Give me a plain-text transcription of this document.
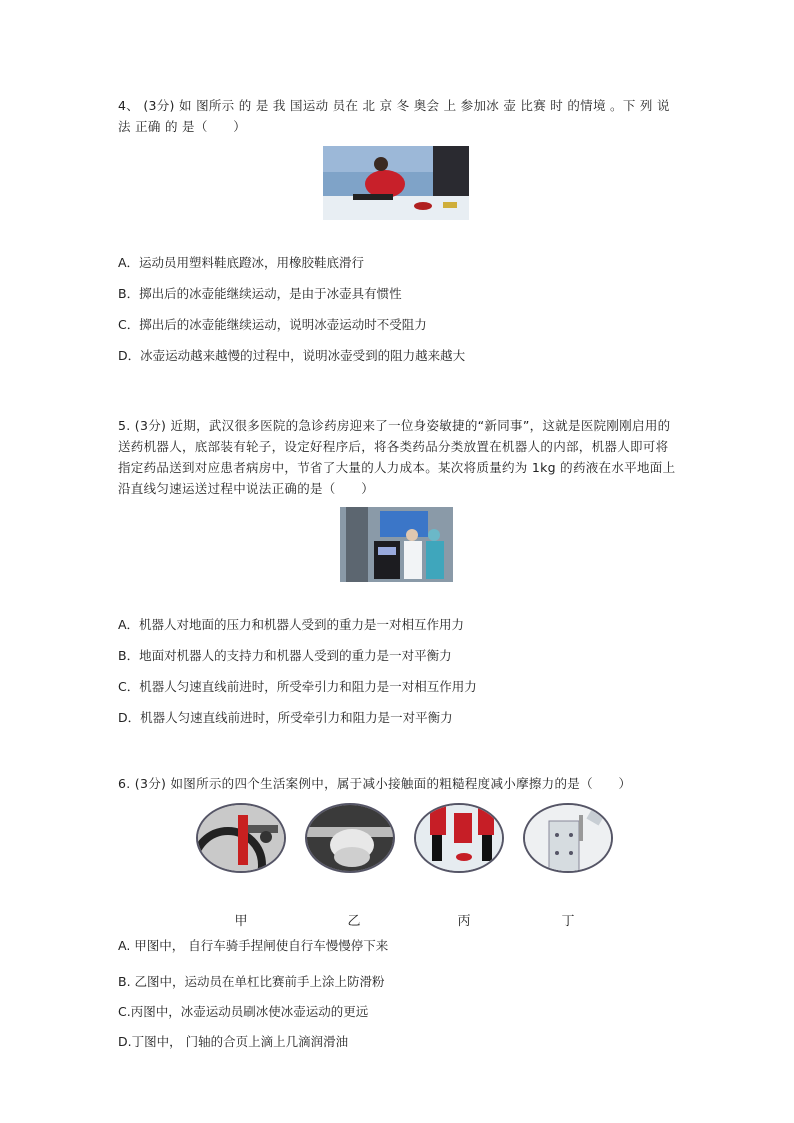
4、 (3分) 如 图所示 的 是 我 国运动 员在 北 京 冬 奥会 上 参加冰 壶 比赛 时 的情境 。下 列 说法 正确 的 是（　　）
A．运动员用塑料鞋底蹬冰，用橡胶鞋底滑行
B．掷出后的冰壶能继续运动，是由于冰壶具有惯性
C．掷出后的冰壶能继续运动，说明冰壶运动时不受阻力
D．冰壶运动越来越慢的过程中，说明冰壶受到的阻力越来越大
5. (3分) 近期，武汉很多医院的急诊药房迎来了一位身姿敏捷的“新同事”，这就是医院刚刚启用的送药机器人，底部装有轮子，设定好程序后，将各类药品分类放置在机器人的内部，机器人即可将指定药品送到对应患者病房中，节省了大量的人力成本。某次将质量约为 1kg 的药液在水平地面上沿直线匀速运送过程中说法正确的是（　　）
A．机器人对地面的压力和机器人受到的重力是一对相互作用力
B．地面对机器人的支持力和机器人受到的重力是一对平衡力
C．机器人匀速直线前进时，所受牵引力和阻力是一对相互作用力
D．机器人匀速直线前进时，所受牵引力和阻力是一对平衡力
6. (3分) 如图所示的四个生活案例中，属于减小接触面的粗糙程度减小摩擦力的是（　　）
甲	乙	丙	丁
A. 甲图中， 自行车骑手捏闸使自行车慢慢停下来
B. 乙图中，运动员在单杠比赛前手上涂上防滑粉
C.丙图中，冰壶运动员刷冰使冰壶运动的更远
D.丁图中， 门轴的合页上滴上几滴润滑油
